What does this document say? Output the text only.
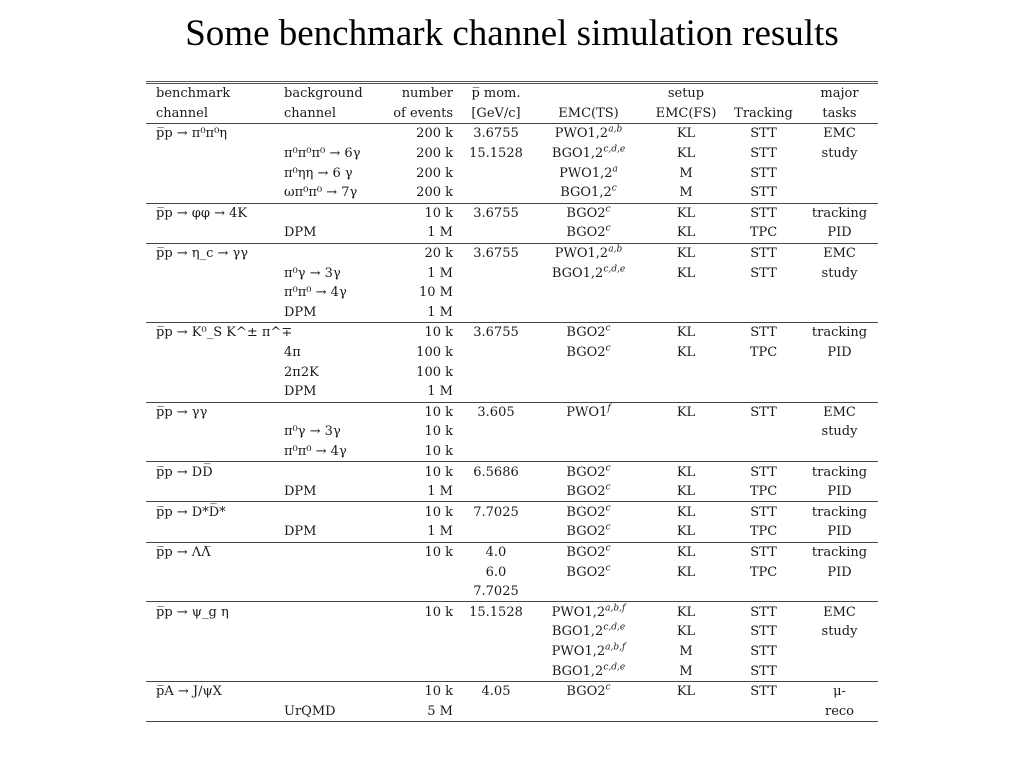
Some benchmark channel simulation results
benchmark	background	number	p̅ mom.		setup		major
channel	channel	of events	[GeV/c]	EMC(TS)	EMC(FS)	Tracking	tasks
p̅p → π⁰π⁰η		200 k	3.6755	PWO1,2$^{a,b}$	KL	STT	EMC
	π⁰π⁰π⁰ → 6γ	200 k	15.1528	BGO1,2$^{c,d,e}$	KL	STT	study
	π⁰ηη → 6 γ	200 k		PWO1,2$^a$	M	STT	
	ωπ⁰π⁰ → 7γ	200 k		BGO1,2$^c$	M	STT	
p̅p → φφ → 4K		10 k	3.6755	BGO2$^c$	KL	STT	tracking
	DPM	1 M		BGO2$^c$	KL	TPC	PID
p̅p → η_c → γγ		20 k	3.6755	PWO1,2$^{a,b}$	KL	STT	EMC
	π⁰γ → 3γ	1 M		BGO1,2$^{c,d,e}$	KL	STT	study
	π⁰π⁰ → 4γ	10 M					
	DPM	1 M					
p̅p → K⁰_S K^± π^∓		10 k	3.6755	BGO2$^c$	KL	STT	tracking
	4π	100 k		BGO2$^c$	KL	TPC	PID
	2π2K	100 k					
	DPM	1 M					
p̅p → γγ		10 k	3.605	PWO1$^f$	KL	STT	EMC
	π⁰γ → 3γ	10 k					study
	π⁰π⁰ → 4γ	10 k					
p̅p → DD̅		10 k	6.5686	BGO2$^c$	KL	STT	tracking
	DPM	1 M		BGO2$^c$	KL	TPC	PID
p̅p → D*D̅*		10 k	7.7025	BGO2$^c$	KL	STT	tracking
	DPM	1 M		BGO2$^c$	KL	TPC	PID
p̅p → ΛΛ̅		10 k	4.0	BGO2$^c$	KL	STT	tracking
			6.0	BGO2$^c$	KL	TPC	PID
			7.7025				
p̅p → ψ_g η		10 k	15.1528	PWO1,2$^{a,b,f}$	KL	STT	EMC
				BGO1,2$^{c,d,e}$	KL	STT	study
				PWO1,2$^{a,b,f}$	M	STT	
				BGO1,2$^{c,d,e}$	M	STT	
p̅A → J/ψX		10 k	4.05	BGO2$^c$	KL	STT	μ-
	UrQMD	5 M					reco
